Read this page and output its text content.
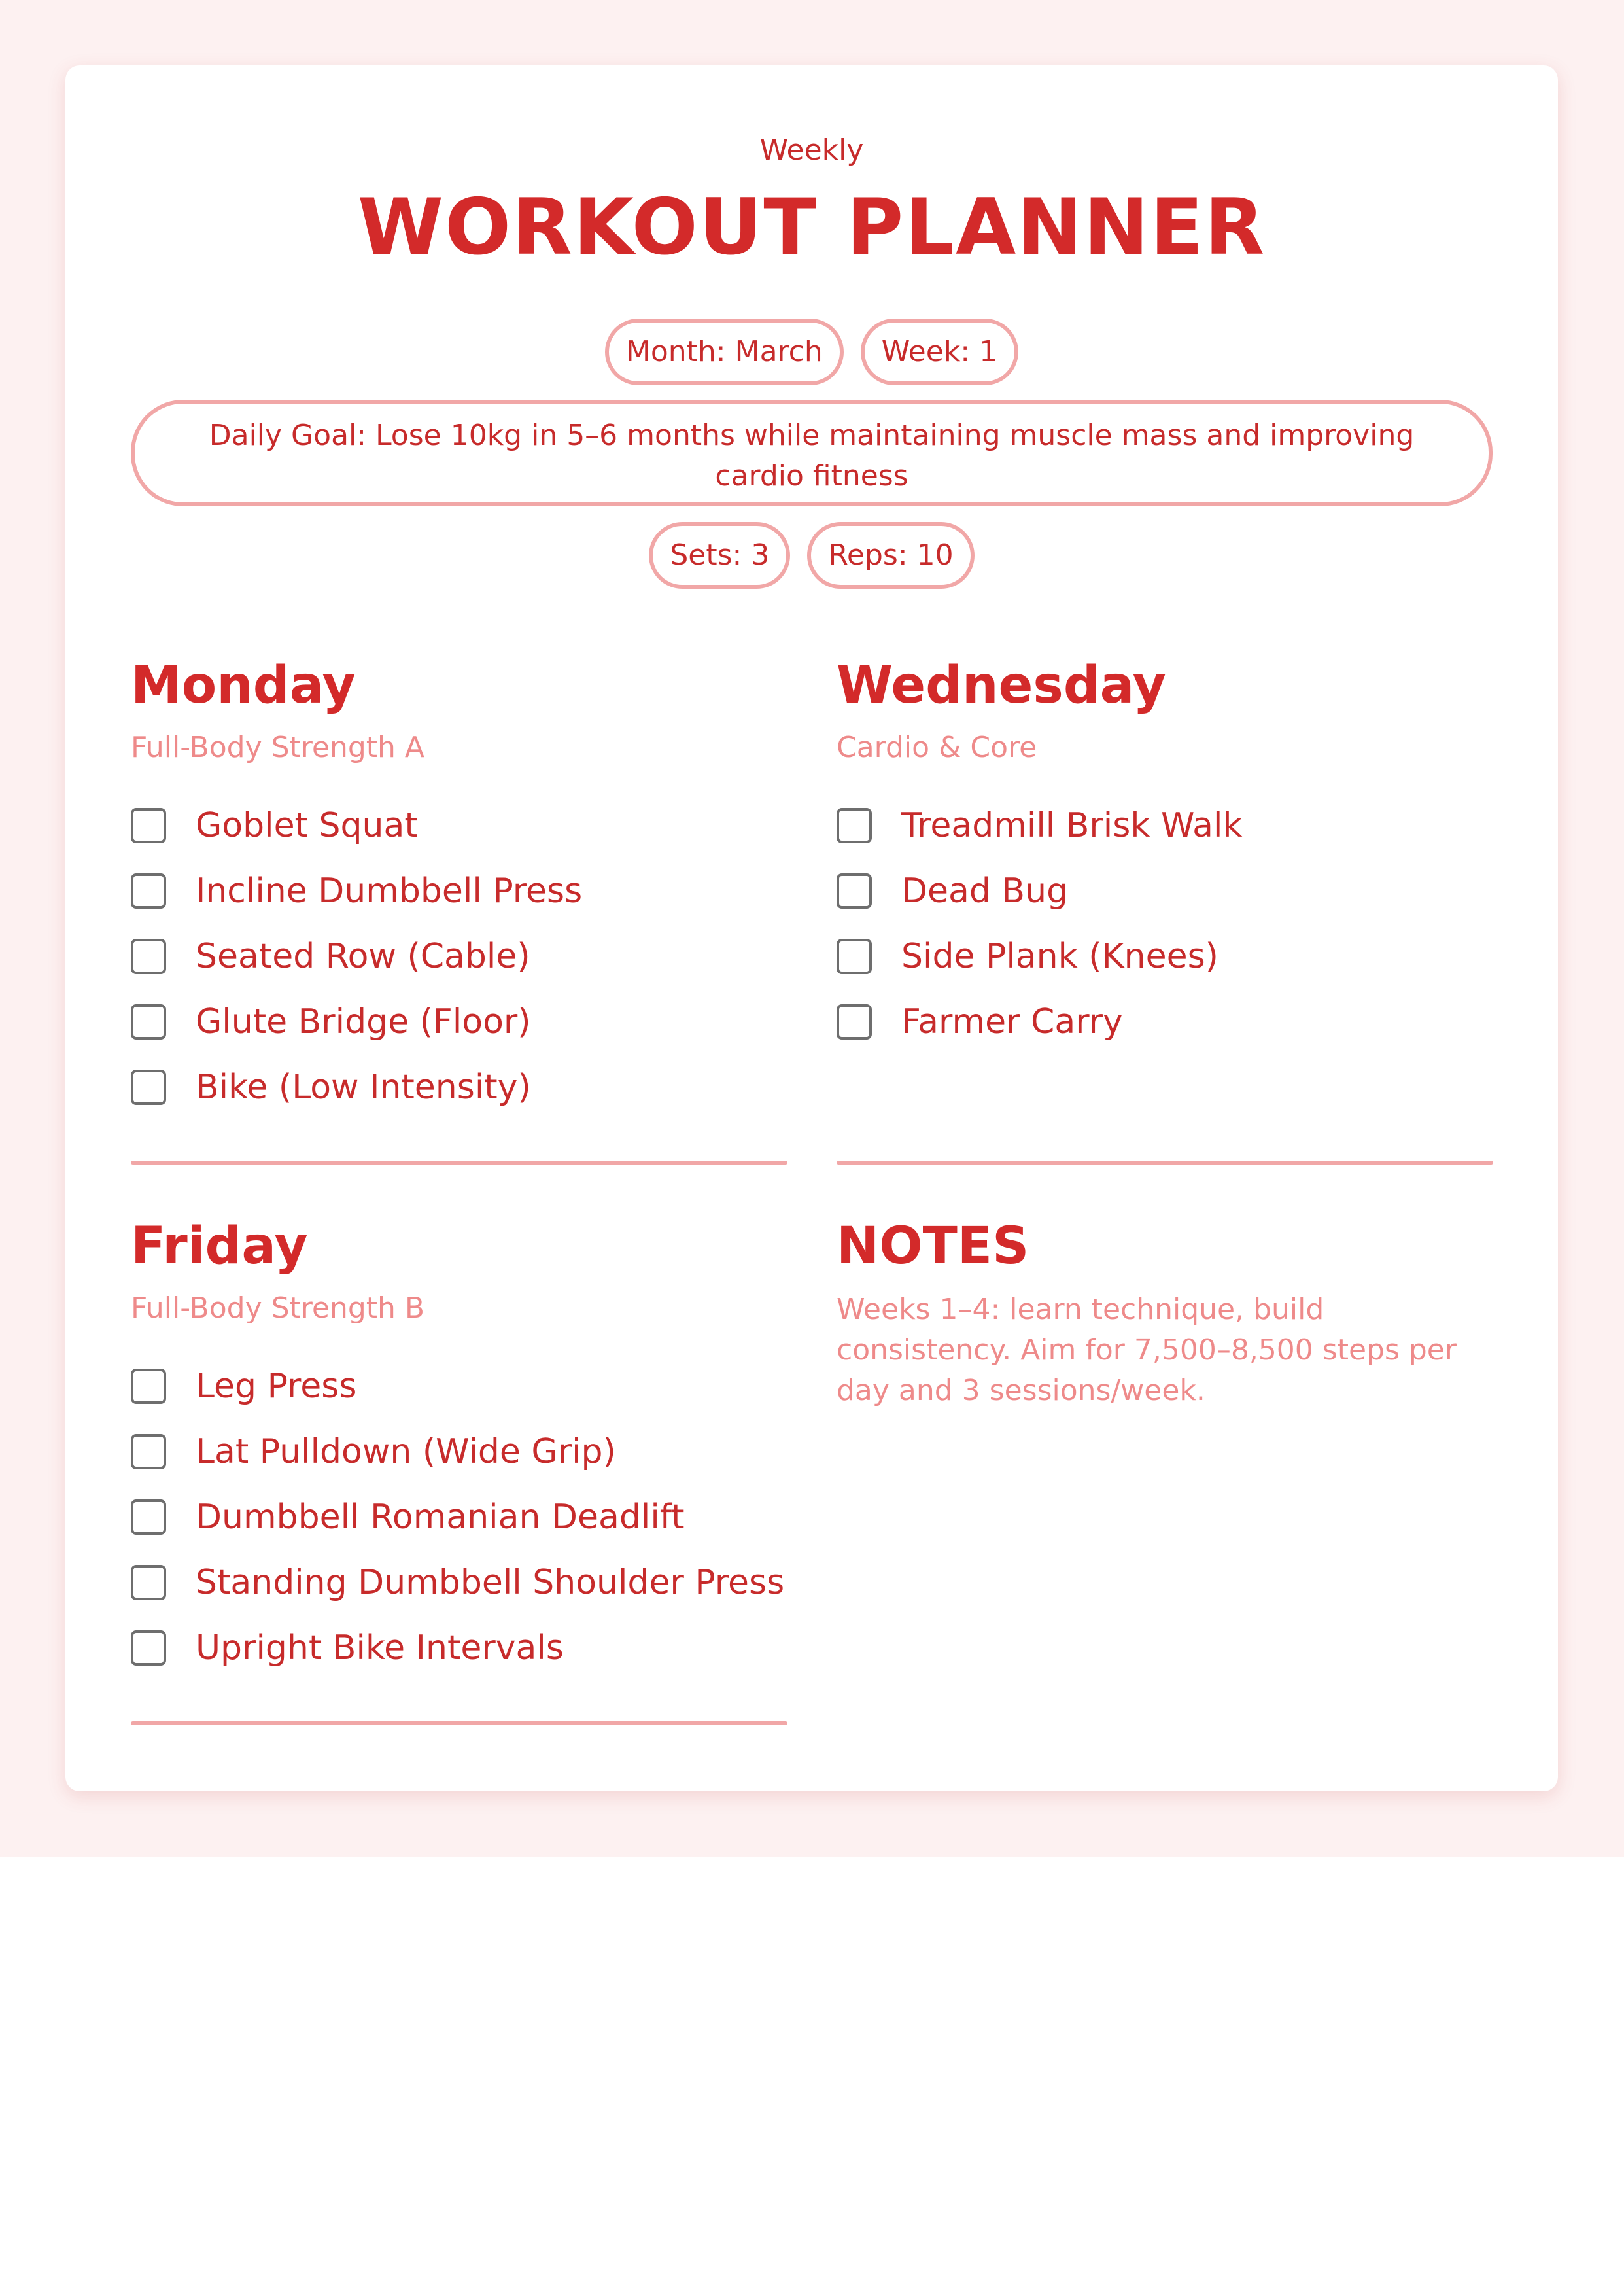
Weekly
WORKOUT PLANNER
Month: March	Week: 1
Daily Goal: Lose 10kg in 5–6 months while maintaining muscle mass and improving cardio fitness
Sets: 3	Reps: 10
Monday
Full-Body Strength A
Goblet Squat
Incline Dumbbell Press
Seated Row (Cable)
Glute Bridge (Floor)
Bike (Low Intensity)
Wednesday
Cardio & Core
Treadmill Brisk Walk
Dead Bug
Side Plank (Knees)
Farmer Carry
Friday
Full-Body Strength B
Leg Press
Lat Pulldown (Wide Grip)
Dumbbell Romanian Deadlift
Standing Dumbbell Shoulder Press
Upright Bike Intervals
NOTES
Weeks 1–4: learn technique, build consistency. Aim for 7,500–8,500 steps per day and 3 sessions/week.
